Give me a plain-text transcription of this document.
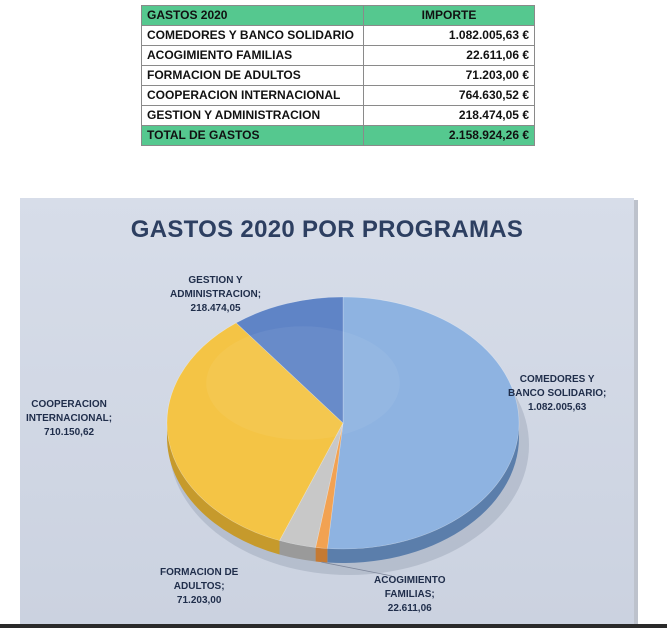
GASTOS 2020	IMPORTE
COMEDORES Y BANCO SOLIDARIO	1.082.005,63 €
ACOGIMIENTO FAMILIAS	22.611,06 €
FORMACION DE ADULTOS	71.203,00 €
COOPERACION INTERNACIONAL	764.630,52 €
GESTION Y ADMINISTRACION	218.474,05 €
TOTAL DE GASTOS	2.158.924,26 €
GASTOS 2020 POR PROGRAMAS
COMEDORES Y
BANCO SOLIDARIO;
1.082.005,63
ACOGIMIENTO
FAMILIAS;
22.611,06
FORMACION DE
ADULTOS;
71.203,00
COOPERACION
INTERNACIONAL;
710.150,62
GESTION Y
ADMINISTRACION;
218.474,05
